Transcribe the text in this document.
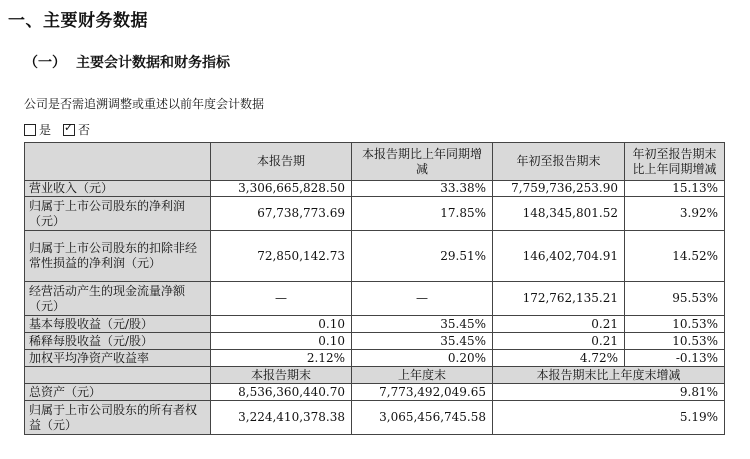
一、主要财务数据
（一） 主要会计数据和财务指标
公司是否需追溯调整或重述以前年度会计数据
是 ✓ 否
	本报告期	本报告期比上年同期增减	年初至报告期末	年初至报告期末比上年同期增减
营业收入（元）	3,306,665,828.50	33.38%	7,759,736,253.90	15.13%
归属于上市公司股东的净利润（元）	67,738,773.69	17.85%	148,345,801.52	3.92%
归属于上市公司股东的扣除非经常性损益的净利润（元）	72,850,142.73	29.51%	146,402,704.91	14.52%
经营活动产生的现金流量净额（元）	—	—	172,762,135.21	95.53%
基本每股收益（元/股）	0.10	35.45%	0.21	10.53%
稀释每股收益（元/股）	0.10	35.45%	0.21	10.53%
加权平均净资产收益率	2.12%	0.20%	4.72%	-0.13%
	本报告期末	上年度末	本报告期末比上年度末增减	
总资产（元）	8,536,360,440.70	7,773,492,049.65	9.81%	
归属于上市公司股东的所有者权益（元）	3,224,410,378.38	3,065,456,745.58	5.19%	
